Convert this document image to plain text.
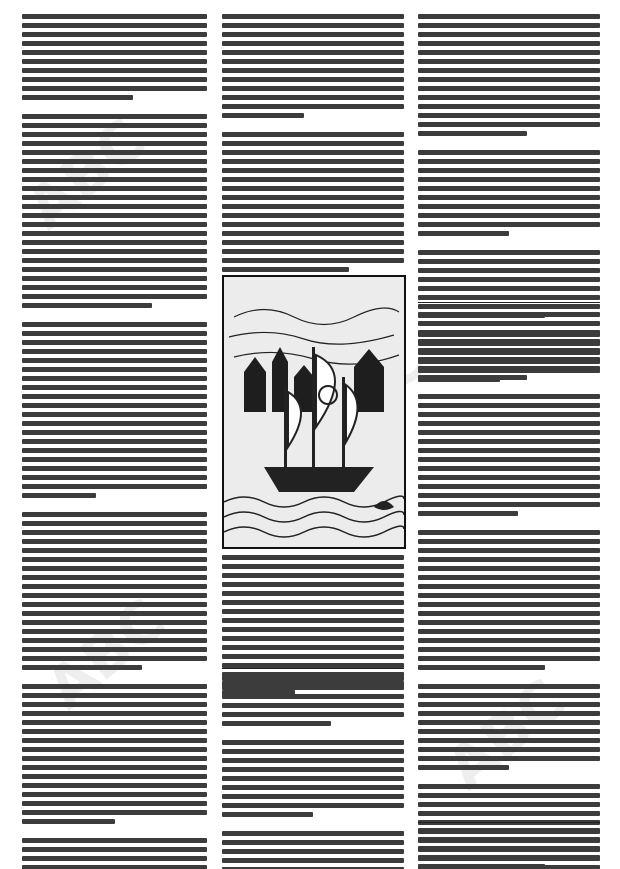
ABC
ABC
ABC
